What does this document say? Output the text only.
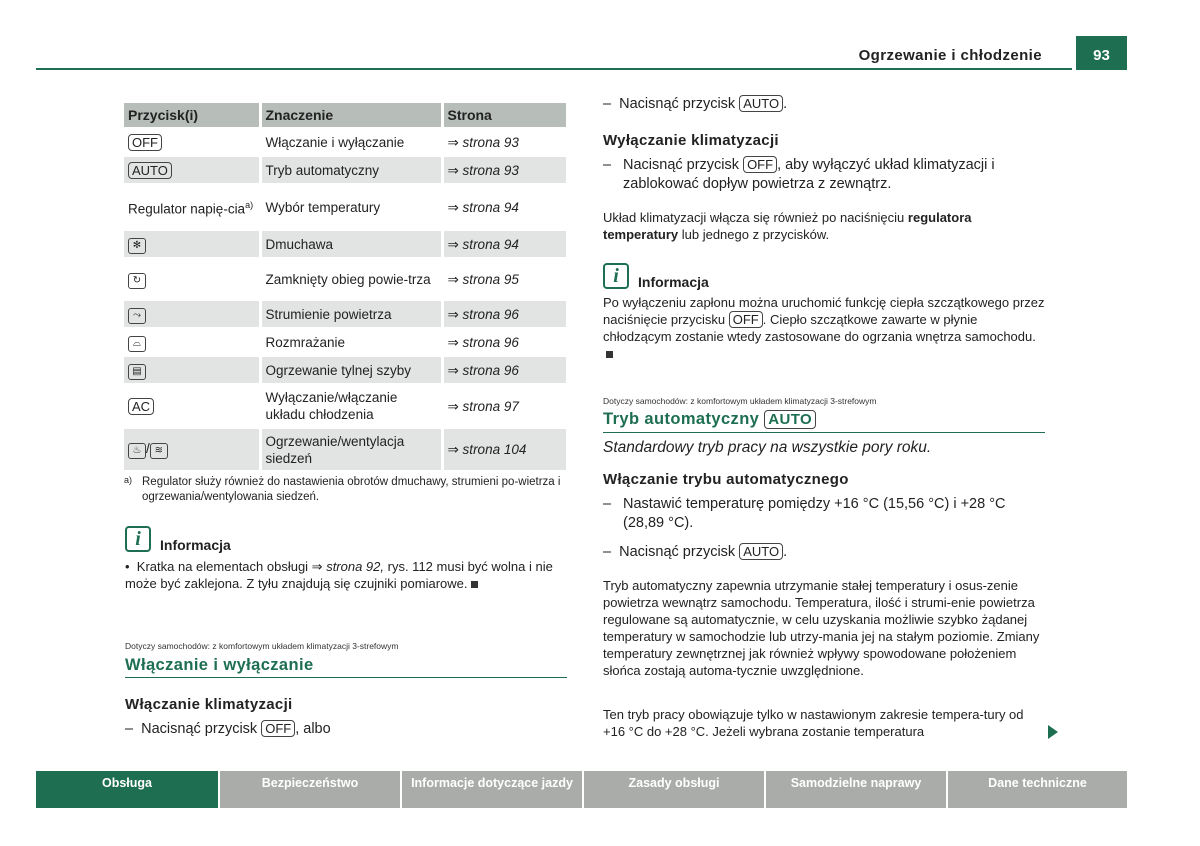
Ogrzewanie i chłodzenie	93
Przycisk(i)	Znaczenie	Strona
OFF	Włączanie i wyłączanie	⇒ strona 93
AUTO	Tryb automatyczny	⇒ strona 93
Regulator napię-cia$^{a)}$	Wybór temperatury	⇒ strona 94
✻	Dmuchawa	⇒ strona 94
↻	Zamknięty obieg powie-trza	⇒ strona 95
⤳	Strumienie powietrza	⇒ strona 96
⌓	Rozmrażanie	⇒ strona 96
▤	Ogrzewanie tylnej szyby	⇒ strona 96
AC	Wyłączanie/włączanie układu chłodzenia	⇒ strona 97
♨ / ≋	Ogrzewanie/wentylacja siedzeń	⇒ strona 104
a) Regulator służy również do nastawienia obrotów dmuchawy, strumieni po-wietrza i ogrzewania/wentylowania siedzeń.
i	Informacja
• Kratka na elementach obsługi ⇒ strona 92, rys. 112 musi być wolna i nie może być zaklejona. Z tyłu znajdują się czujniki pomiarowe.
Dotyczy samochodów: z komfortowym układem klimatyzacji 3-strefowym
Włączanie i wyłączanie
Włączanie klimatyzacji
– Nacisnąć przycisk OFF , albo
– Nacisnąć przycisk AUTO .
Wyłączanie klimatyzacji
– Nacisnąć przycisk OFF , aby wyłączyć układ klimatyzacji i zablokować dopływ powietrza z zewnątrz.
Układ klimatyzacji włącza się również po naciśnięciu regulatora temperatury lub jednego z przycisków.
i	Informacja
Po wyłączeniu zapłonu można uruchomić funkcję ciepła szczątkowego przez naciśnięcie przycisku OFF . Ciepło szczątkowe zawarte w płynie chłodzącym zostanie wtedy zastosowane do ogrzania wnętrza samochodu.
Dotyczy samochodów: z komfortowym układem klimatyzacji 3-strefowym
Tryb automatyczny AUTO
Standardowy tryb pracy na wszystkie pory roku.
Włączanie trybu automatycznego
– Nastawić temperaturę pomiędzy +16 °C (15,56 °C) i +28 °C (28,89 °C).
– Nacisnąć przycisk AUTO .
Tryb automatyczny zapewnia utrzymanie stałej temperatury i osus-zenie powietrza wewnątrz samochodu. Temperatura, ilość i strumi-enie powietrza regulowane są automatycznie, w celu uzyskania możliwie szybko żądanej temperatury w samochodzie lub utrzy-mania jej na stałym poziomie. Zmiany temperatury zewnętrznej jak również wpływy spowodowane położeniem słońca zostają automa-tycznie uwzględnione.
Ten tryb pracy obowiązuje tylko w nastawionym zakresie tempera-tury od +16 °C do +28 °C. Jeżeli wybrana zostanie temperatura
Obsługa	Bezpieczeństwo	Informacje dotyczące jazdy	Zasady obsługi	Samodzielne naprawy	Dane techniczne
